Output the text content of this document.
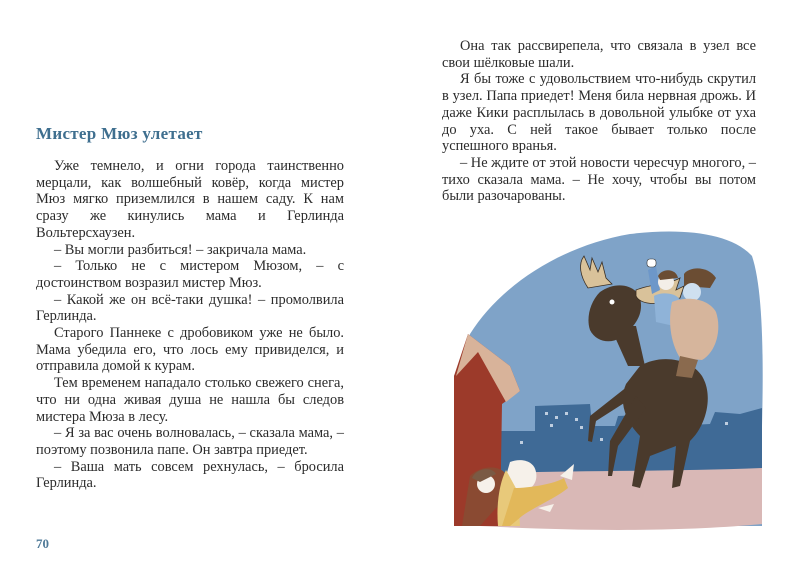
Мистер Мюз улетает

Уже темнело, и огни города таинственно мерцали, как волшебный ковёр, когда мистер Мюз мягко приземлился в нашем саду. К нам сразу же кинулись мама и Герлинда Вольтерсхаузен.

– Вы могли разбиться! – закричала мама.

– Только не с мистером Мюзом, – с достоинством возразил мистер Мюз.

– Какой же он всё-таки душка! – промолвила Герлинда.

Старого Паннеке с дробовиком уже не было. Мама убедила его, что лось ему привиделся, и отправила домой к курам.

Тем временем нападало столько свежего снега, что ни одна живая душа не нашла бы следов мистера Мюза в лесу.

– Я за вас очень волновалась, – сказала мама, – поэтому позвонила папе. Он завтра приедет.

– Ваша мать совсем рехнулась, – бросила Герлинда.

70

Она так рассвирепела, что связала в узел все свои шёлковые шали.

Я бы тоже с удовольствием что-нибудь скрутил в узел. Папа приедет! Меня била нервная дрожь. И даже Кики расплылась в довольной улыбке от уха до уха. С ней такое бывает только после успешного вранья.

– Не ждите от этой новости чересчур многого, – тихо сказала мама. – Не хочу, чтобы вы потом были разочарованы.
